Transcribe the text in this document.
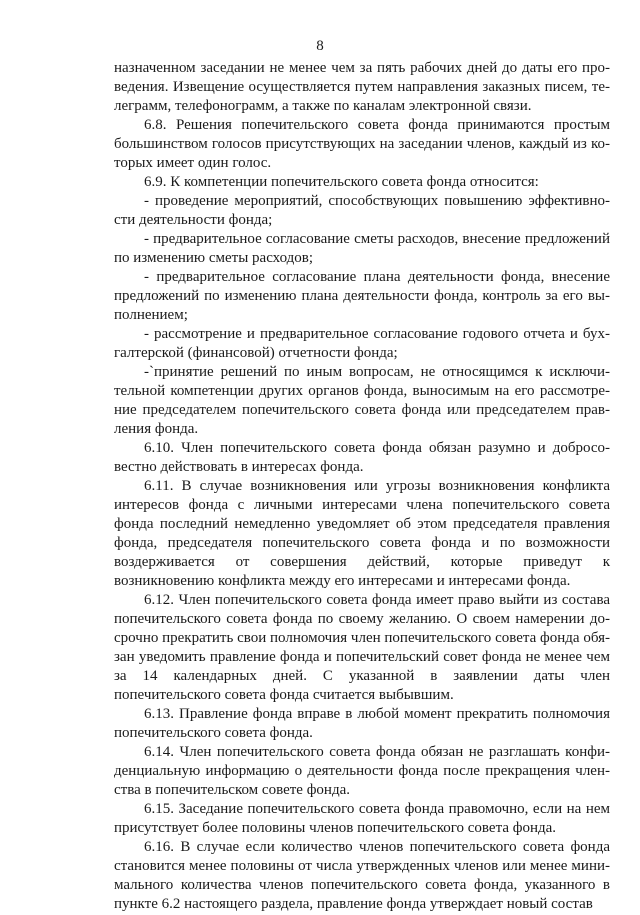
8

назначенном заседании не менее чем за пять рабочих дней до даты его проведения. Извещение осуществляется путем направления заказных писем, телеграмм, телефонограмм, а также по каналам электронной связи.

6.8. Решения попечительского совета фонда принимаются простым большинством голосов присутствующих на заседании членов, каждый из которых имеет один голос.

6.9. К компетенции попечительского совета фонда относится:

- проведение мероприятий, способствующих повышению эффективности деятельности фонда;

- предварительное согласование сметы расходов, внесение предложений по изменению сметы расходов;

- предварительное согласование плана деятельности фонда, внесение предложений по изменению плана деятельности фонда, контроль за его выполнением;

- рассмотрение и предварительное согласование годового отчета и бухгалтерской (финансовой) отчетности фонда;

-`принятие решений по иным вопросам, не относящимся к исключительной компетенции других органов фонда, выносимым на его рассмотрение председателем попечительского совета фонда или председателем правления фонда.

6.10. Член попечительского совета фонда обязан разумно и добросовестно действовать в интересах фонда.

6.11. В случае возникновения или угрозы возникновения конфликта интересов фонда с личными интересами члена попечительского совета фонда последний немедленно уведомляет об этом председателя правления фонда, председателя попечительского совета фонда и по возможности воздерживается от совершения действий, которые приведут к возникновению конфликта между его интересами и интересами фонда.

6.12. Член попечительского совета фонда имеет право выйти из состава попечительского совета фонда по своему желанию. О своем намерении досрочно прекратить свои полномочия член попечительского совета фонда обязан уведомить правление фонда и попечительский совет фонда не менее чем за 14 календарных дней. С указанной в заявлении даты член попечительского совета фонда считается выбывшим.

6.13. Правление фонда вправе в любой момент прекратить полномочия попечительского совета фонда.

6.14. Член попечительского совета фонда обязан не разглашать конфиденциальную информацию о деятельности фонда после прекращения членства в попечительском совете фонда.

6.15. Заседание попечительского совета фонда правомочно, если на нем присутствует более половины членов попечительского совета фонда.

6.16. В случае если количество членов попечительского совета фонда становится менее половины от числа утвержденных членов или менее минимального количества членов попечительского совета фонда, указанного в пункте 6.2 настоящего раздела, правление фонда утверждает новый состав
